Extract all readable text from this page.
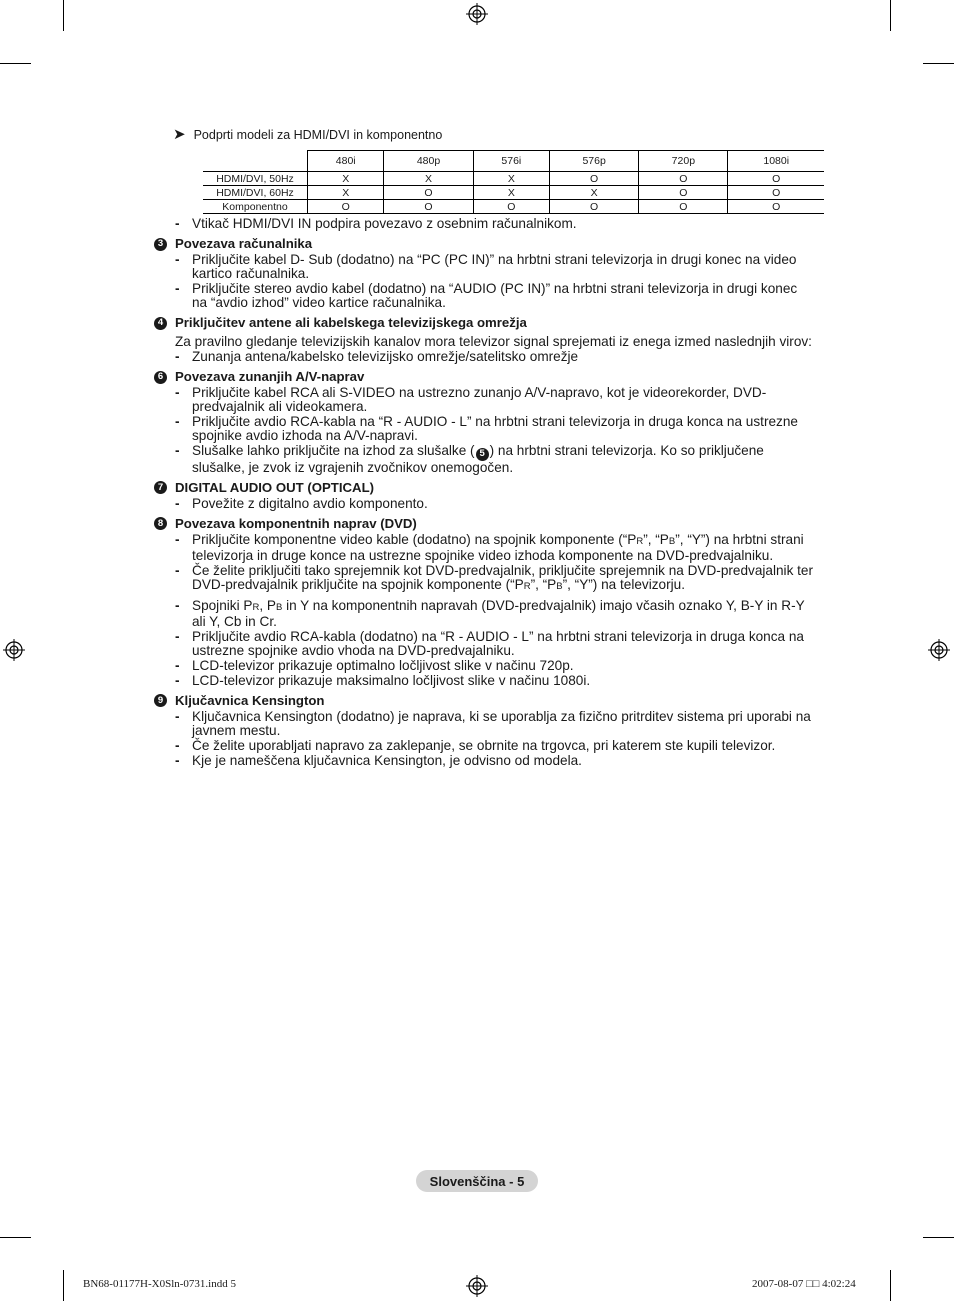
➤ Podprti modeli za HDMI/DVI in komponentno
	480i	480p	576i	576p	720p	1080i
HDMI/DVI, 50Hz	X	X	X	O	O	O
HDMI/DVI, 60Hz	X	O	X	X	O	O
Komponentno	O	O	O	O	O	O
- Vtikač HDMI/DVI IN podpira povezavo z osebnim računalnikom.
3 Povezava računalnika
- Priključite kabel D- Sub (dodatno) na “PC (PC IN)” na hrbtni strani televizorja in drugi konec na video kartico računalnika.
- Priključite stereo avdio kabel (dodatno) na “AUDIO (PC IN)” na hrbtni strani televizorja in drugi konec na “avdio izhod” video kartice računalnika.
4 Priključitev antene ali kabelskega televizijskega omrežja
Za pravilno gledanje televizijskih kanalov mora televizor signal sprejemati iz enega izmed naslednjih virov:
- Zunanja antena/kabelsko televizijsko omrežje/satelitsko omrežje
6 Povezava zunanjih A/V-naprav
- Priključite kabel RCA ali S-VIDEO na ustrezno zunanjo A/V-napravo, kot je videorekorder, DVD-predvajalnik ali videokamera.
- Priključite avdio RCA-kabla na “R - AUDIO - L” na hrbtni strani televizorja in druga konca na ustrezne spojnike avdio izhoda na A/V-napravi.
- Slušalke lahko priključite na izhod za slušalke ( 5 ) na hrbtni strani televizorja. Ko so priključene slušalke, je zvok iz vgrajenih zvočnikov onemogočen.
7 DIGITAL AUDIO OUT (OPTICAL)
- Povežite z digitalno avdio komponento.
8 Povezava komponentnih naprav (DVD)
- Priključite komponentne video kable (dodatno) na spojnik komponente (“PR”, “PB”, “Y”) na hrbtni strani televizorja in druge konce na ustrezne spojnike video izhoda komponente na DVD-predvajalniku.
- Če želite priključiti tako sprejemnik kot DVD-predvajalnik, priključite sprejemnik na DVD-predvajalnik ter DVD-predvajalnik priključite na spojnik komponente (“PR”, “PB”, “Y”) na televizorju.
- Spojniki PR, PB in Y na komponentnih napravah (DVD-predvajalnik) imajo včasih oznako Y, B-Y in R-Y ali Y, Cb in Cr.
- Priključite avdio RCA-kabla (dodatno) na “R - AUDIO - L” na hrbtni strani televizorja in druga konca na ustrezne spojnike avdio vhoda na DVD-predvajalniku.
- LCD-televizor prikazuje optimalno ločljivost slike v načinu 720p.
- LCD-televizor prikazuje maksimalno ločljivost slike v načinu 1080i.
9 Ključavnica Kensington
- Ključavnica Kensington (dodatno) je naprava, ki se uporablja za fizično pritrditev sistema pri uporabi na javnem mestu.
- Če želite uporabljati napravo za zaklepanje, se obrnite na trgovca, pri katerem ste kupili televizor.
- Kje je nameščena ključavnica Kensington, je odvisno od modela.
Slovenščina - 5
BN68-01177H-X0Sln-0731.indd 5	2007-08-07 □□ 4:02:24
